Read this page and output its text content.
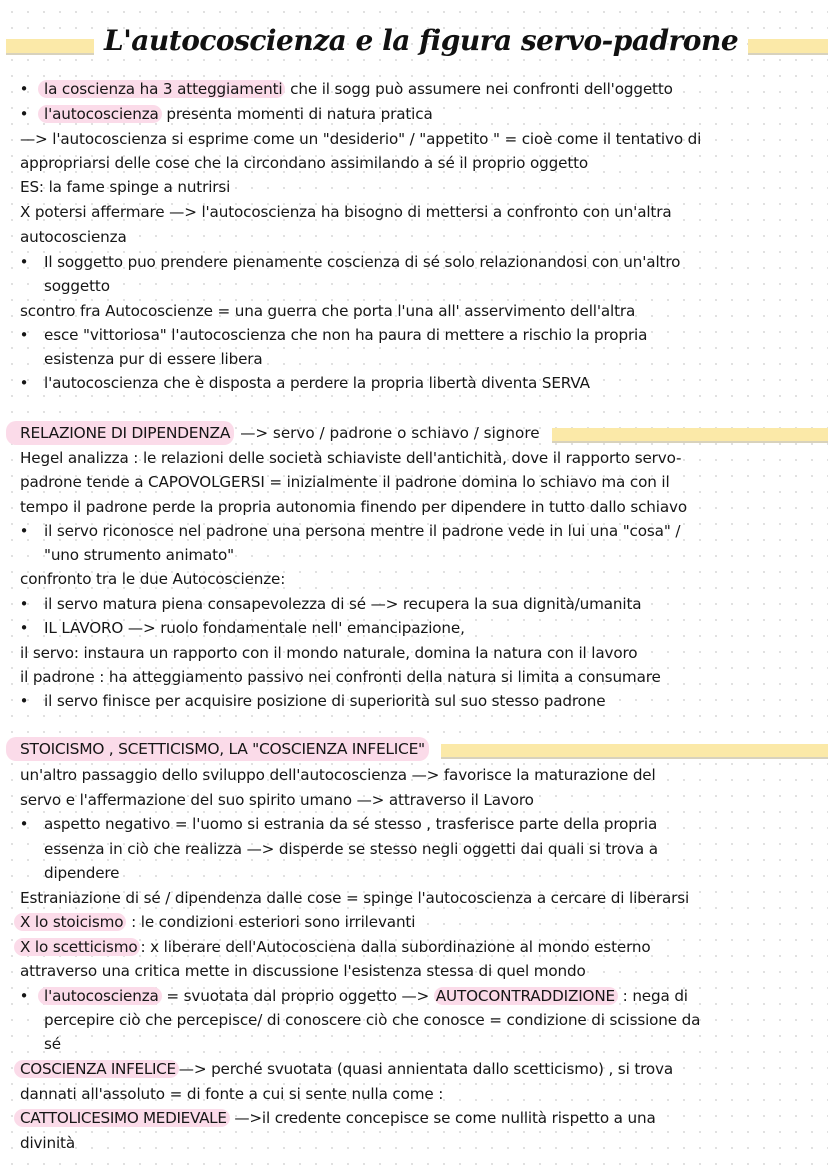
L'autocoscienza e la figura servo-padrone
• la coscienza ha 3 atteggiamenti che il sogg può assumere nei confronti dell'oggetto
• l'autocoscienza presenta momenti di natura pratica
—> l'autocoscienza si esprime come un "desiderio" / "appetito " = cioè come il tentativo di
appropriarsi delle cose che la circondano assimilando a sé il proprio oggetto
ES: la fame spinge a nutrirsi
X potersi affermare —> l'autocoscienza ha bisogno di mettersi a confronto con un'altra
autocoscienza
• Il soggetto puo prendere pienamente coscienza di sé solo relazionandosi con un'altro
soggetto
scontro fra Autocoscienze = una guerra che porta l'una all' asservimento dell'altra
• esce "vittoriosa" l'autocoscienza che non ha paura di mettere a rischio la propria
esistenza pur di essere libera
• l'autocoscienza che è disposta a perdere la propria libertà diventa SERVA
RELAZIONE DI DIPENDENZA —> servo / padrone o schiavo / signore
Hegel analizza : le relazioni delle società schiaviste dell'antichità, dove il rapporto servo-
padrone tende a CAPOVOLGERSI = inizialmente il padrone domina lo schiavo ma con il
tempo il padrone perde la propria autonomia finendo per dipendere in tutto dallo schiavo
• il servo riconosce nel padrone una persona mentre il padrone vede in lui una "cosa" /
"uno strumento animato"
confronto tra le due Autocoscienze:
• il servo matura piena consapevolezza di sé —> recupera la sua dignità/umanita
• IL LAVORO —> ruolo fondamentale nell' emancipazione,
il servo: instaura un rapporto con il mondo naturale, domina la natura con il lavoro
il padrone : ha atteggiamento passivo nei confronti della natura si limita a consumare
• il servo finisce per acquisire posizione di superiorità sul suo stesso padrone
STOICISMO , SCETTICISMO, LA "COSCIENZA INFELICE"
un'altro passaggio dello sviluppo dell'autocoscienza —> favorisce la maturazione del
servo e l'affermazione del suo spirito umano —> attraverso il Lavoro
• aspetto negativo = l'uomo si estrania da sé stesso , trasferisce parte della propria
essenza in ciò che realizza —> disperde se stesso negli oggetti dai quali si trova a
dipendere
Estraniazione di sé / dipendenza dalle cose = spinge l'autocoscienza a cercare di liberarsi
X lo stoicismo : le condizioni esteriori sono irrilevanti
X lo scetticismo : x liberare dell'Autocosciena dalla subordinazione al mondo esterno
attraverso una critica mette in discussione l'esistenza stessa di quel mondo
• l'autocoscienza = svuotata dal proprio oggetto —> AUTOCONTRADDIZIONE : nega di
percepire ciò che percepisce/ di conoscere ciò che conosce = condizione di scissione da
sé
COSCIENZA INFELICE —> perché svuotata (quasi annientata dallo scetticismo) , si trova
dannati all'assoluto = di fonte a cui si sente nulla come :
CATTOLICESIMO MEDIEVALE —>il credente concepisce se come nullità rispetto a una
divinità
